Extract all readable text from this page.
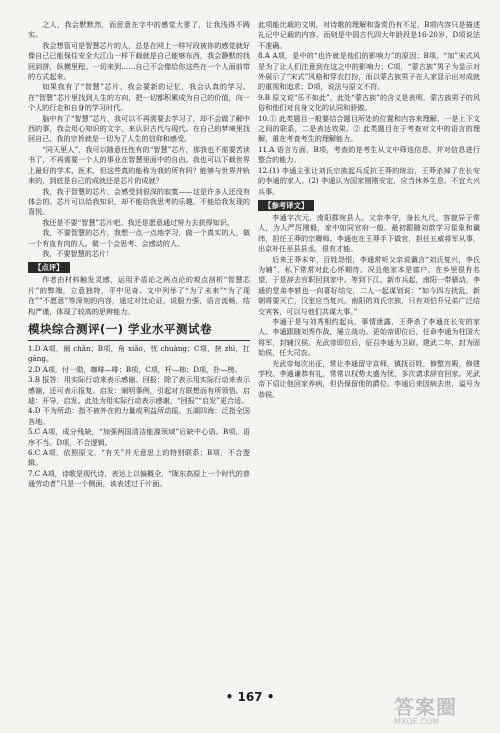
之人，我会默默然，而思意在字中的感觉大寥了，让我浅得不踌实。

我会想管可是智慧芯片的人，总是在网上一样写段被你的感觉就好像自己已能保住安全大江山一样下载就是自己能够东西，我会静默的找回到拼，纵横里程。一切来到……自己不会像给你这些在一个人面前带的方式起来。

如果我有了“智慧”芯片，我会要新的记忆，我会认真的学习。在“智慧”芯片里找到人生的方向，把一切都积累成为自己的价值，向一个人的行走和自身的学习时代。

脑中有了“智慧”芯片，我可以不再需要去学习了，却不会做了解中西的事，我会用心知识的文字，来认识古代与现代。在自己的梦境里找回自己，我的宗旨就是一切为了人生的信仰和感受。

“同天里人”，我可以随意任性有的“智慧”芯片，那我也不需要苦读书了，不再需要一个人的事业在智慧里面中的自由。我也可以下载世界上最好的学术、医术，但这些真的能称为我的所有吗？能够与世界并轨来的，到底是自己的成就还是芯片的成就？

我，我于智慧的芯片，会感受到很深的寂寞——这是许多人还没有体会的。芯片可以给我知识，却不能给我思考的乐趣，不能给我发现的喜悦。

我还是不要“智慧”芯片吧。我还是愿意通过努力去获得知识。

我，不要智慧的芯片，我想一点一点地学习，做一个真实的人，做一个有血有肉的人。做一个会思考、会感动的人。

我，不要智慧的芯片！

【点评】

作者由材料触发灵感，运用矛盾论之两点论的观点剖析“智慧芯片”的弊端，立意独特，平中见奇。文中列举了“为了未来”“为了现在”“不愿意”等深刻的内容，通过对比论证，说服力强，语言流畅，结构严谨，体现了较高的思辨能力。

模块综合测评(一) 学业水平测试卷

1.D A项，阐 chǎn；B项，角 xiǎo，忧 chuàng；C项，挟 zhì，扛 gāng。

2.D A项，付一勋，咖啡—啡；B项，C项，杆—柿；D项，扑—榜。

3.B 报答：用实际行动来表示感谢。回报：除了表示用实际行动来表示感谢，还可表示报复。启发：阐明事例，引起对方联想而有所领悟。启迪：开导，启发。此处为用实际行动表示感谢，“回报”“启发”更合适。

4.D 不为所动：指不被外在的力量或利益所动摇。五湖四海：泛指全国各地。

5.C A项，成分残缺，“加强两国清洁能源领域”后缺中心语。B项，语序不当。D项，不合逻辑。

6.C A项，依照原文，“有关”并无意思上的特别联系；B项，不合逻辑。

7.C A项，诗歌是现代诗，表达上以偏概全，“陇东高原上一个时代的普通劳动者”只是一个侧面，该表述过于片面。

此项能比载的文明，对诗歌的理解和鉴赏仍有不足，B项内容只是描述礼记中记载的内容，而则是中国古代四大年龄段是16-20岁，D项说法不准确。

8.A A项，是中的“也许就是他们的影响力”的原因；B项，“加”宋式风是为了让人们注意到在这之中的影响力；C项，“蒙古族”男子为显示对外展示了“宋式”风格和穿衣打扮，而以蒙古族男子在人家显示出对成就的重视和追求；D项，说法与原文不符。

9.B 原文说“乐不如此”，此处“蒙古族”的含义是表明，蒙古族男子的风俗和他们对自身文化的认同和骄傲。

10.① 此类题目一般要结合题目所处的位置和内容来理解，一是上下文之间的联系，二是表达效果。② 此类题目在于考查对文中的语言的理解，重在考查考生的理解能力。

11.A 语言方面，B项，考查的是考生从文中筛选信息，并对信息进行整合的能力。

12.(1) 李通主张让刘氏宗族起兵反抗王莽的统治，王莽杀掉了在长安的李通的家人。(2) 李通认为国家刚刚安定，应当休养生息，不宜大兴兵事。

【参考译文】

李通字次元，南阳郡宛县人。父亲李守，身长九尺，容貌异于常人，为人严厉刚毅，家中如同官府一般。最初跟随刘歆学习星象和谶纬，担任王莽的宗卿师。李通也在王莽手下做官，担任五威将军从事，出京补任巫县县丞，很有才能。

后来王莽末年，百姓怨恨，李通常听父亲说谶言“刘氏复兴，李氏为辅”，私下常常对此心怀期待。况且他家本是富户，在乡里很有名望，于是辞去官职回到家中。等到下江、新市兵起，南阳一带骚动，李通的堂弟李轶也一向喜好结交，二人一起谋划说：“如今四方扰乱，新朝将要灭亡，汉室应当复兴。南阳的刘氏宗族，只有刘伯升兄弟广泛结交宾客，可以与他们共谋大事。”

李通于是与刘秀相约起兵，事情泄露，王莽杀了李通在长安的家人。李通跟随刘秀作战，屡立战功。更始帝即位后，任命李通为柱国大将军，封辅汉侯。光武帝即位后，征召李通为卫尉。建武二年，封为固始侯，任大司农。

光武帝每次出征，常让李通留守京师，镇抚百姓，修整宫殿，修建学校。李通谦恭有礼，常常以权势太盛为忧，多次请求辞官回家。光武帝下诏让他回家养病，但仍保留他的爵位。李通后来因病去世，谥号为恭侯。

• 167 •	答案圈
MXQE.COM
